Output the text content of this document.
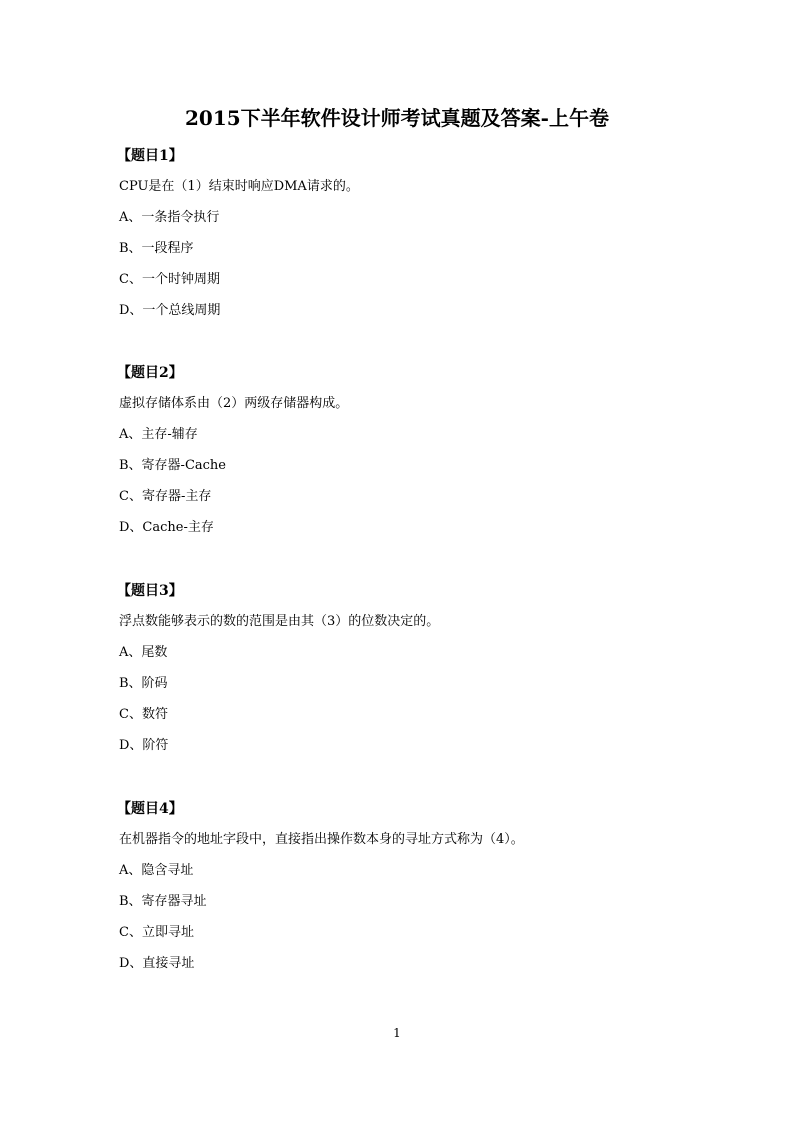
2015下半年软件设计师考试真题及答案-上午卷
【题目1】
CPU是在（1）结束时响应DMA请求的。
A、一条指令执行
B、一段程序
C、一个时钟周期
D、一个总线周期
【题目2】
虚拟存储体系由（2）两级存储器构成。
A、主存-辅存
B、寄存器-Cache
C、寄存器-主存
D、Cache-主存
【题目3】
浮点数能够表示的数的范围是由其（3）的位数决定的。
A、尾数
B、阶码
C、数符
D、阶符
【题目4】
在机器指令的地址字段中，直接指出操作数本身的寻址方式称为（4）。
A、隐含寻址
B、寄存器寻址
C、立即寻址
D、直接寻址
1
